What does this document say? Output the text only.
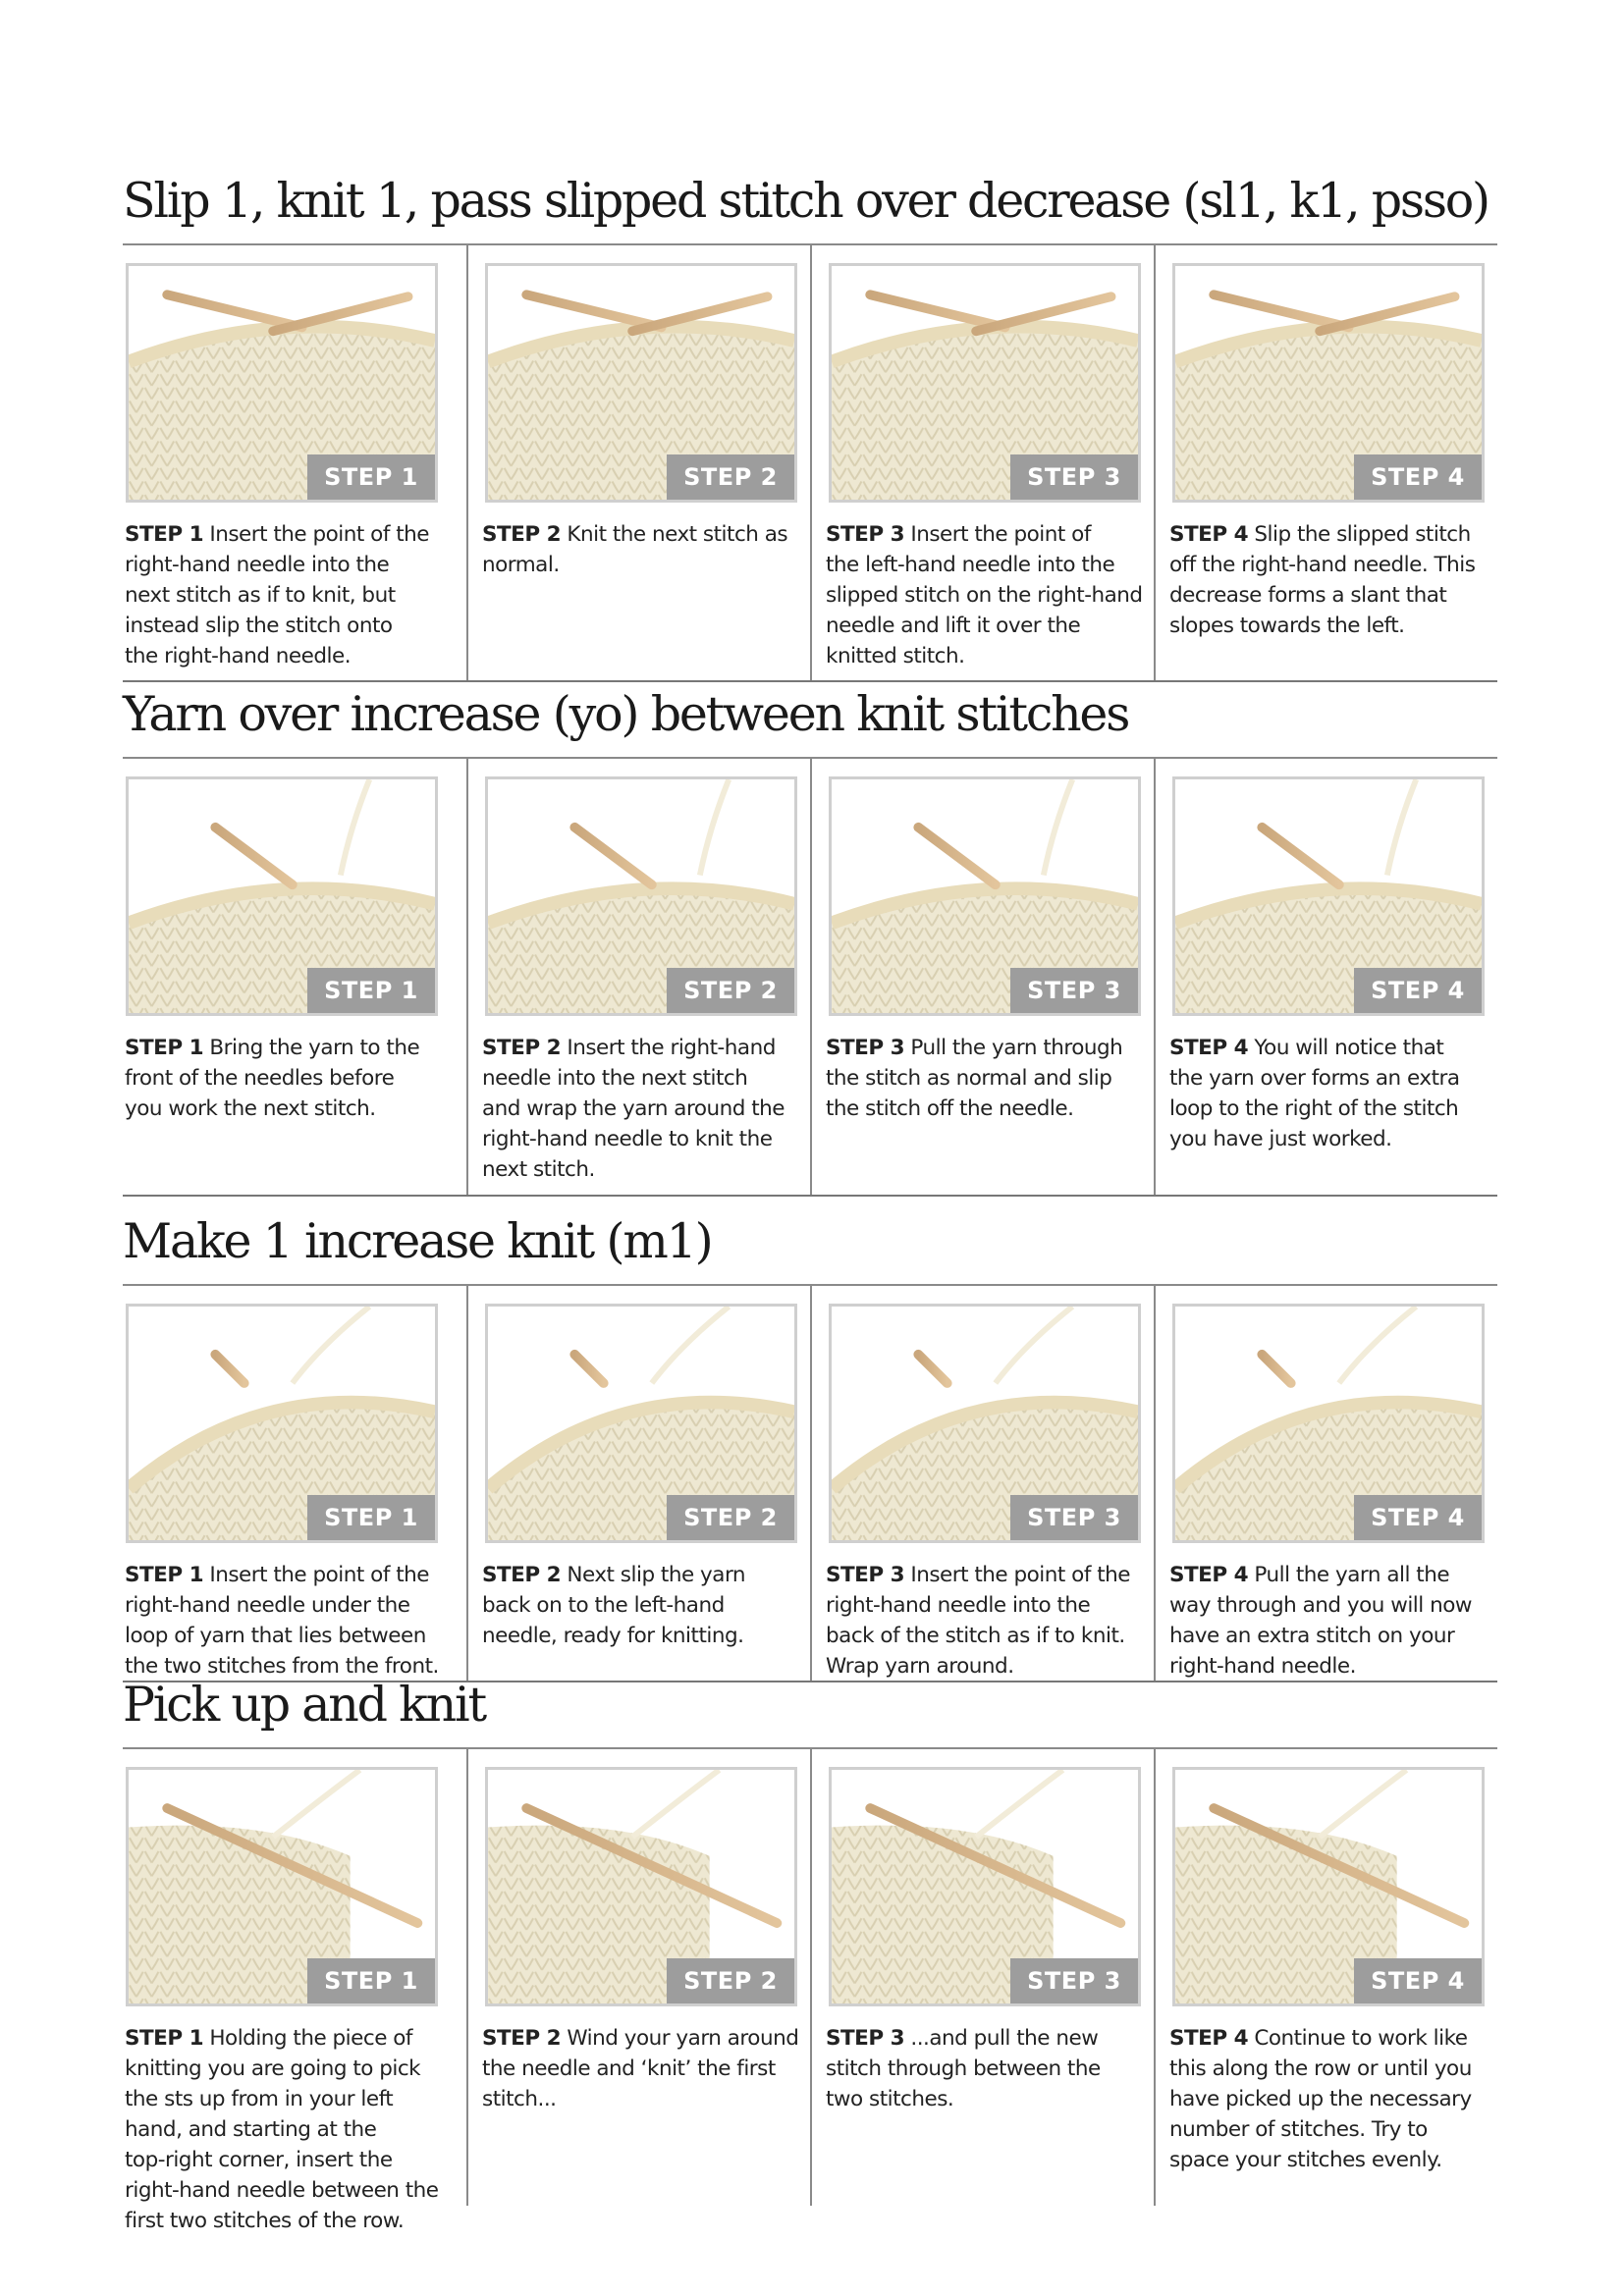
Slip 1, knit 1, pass slipped stitch over decrease (sl1, k1, psso)
STEP 1
STEP 1 Insert the point of the
right-hand needle into the
next stitch as if to knit, but
instead slip the stitch onto
the right-hand needle.
STEP 2
STEP 2 Knit the next stitch as
normal.
STEP 3
STEP 3 Insert the point of
the left-hand needle into the
slipped stitch on the right-hand
needle and lift it over the
knitted stitch.
STEP 4
STEP 4 Slip the slipped stitch
off the right-hand needle. This
decrease forms a slant that
slopes towards the left.
Yarn over increase (yo) between knit stitches
STEP 1
STEP 1 Bring the yarn to the
front of the needles before
you work the next stitch.
STEP 2
STEP 2 Insert the right-hand
needle into the next stitch
and wrap the yarn around the
right-hand needle to knit the
next stitch.
STEP 3
STEP 3 Pull the yarn through
the stitch as normal and slip
the stitch off the needle.
STEP 4
STEP 4 You will notice that
the yarn over forms an extra
loop to the right of the stitch
you have just worked.
Make 1 increase knit (m1)
STEP 1
STEP 1 Insert the point of the
right-hand needle under the
loop of yarn that lies between
the two stitches from the front.
STEP 2
STEP 2 Next slip the yarn
back on to the left-hand
needle, ready for knitting.
STEP 3
STEP 3 Insert the point of the
right-hand needle into the
back of the stitch as if to knit.
Wrap yarn around.
STEP 4
STEP 4 Pull the yarn all the
way through and you will now
have an extra stitch on your
right-hand needle.
Pick up and knit
STEP 1
STEP 1 Holding the piece of
knitting you are going to pick
the sts up from in your left
hand, and starting at the
top-right corner, insert the
right-hand needle between the
first two stitches of the row.
STEP 2
STEP 2 Wind your yarn around
the needle and ‘knit’ the first
stitch...
STEP 3
STEP 3 ...and pull the new
stitch through between the
two stitches.
STEP 4
STEP 4 Continue to work like
this along the row or until you
have picked up the necessary
number of stitches. Try to
space your stitches evenly.
